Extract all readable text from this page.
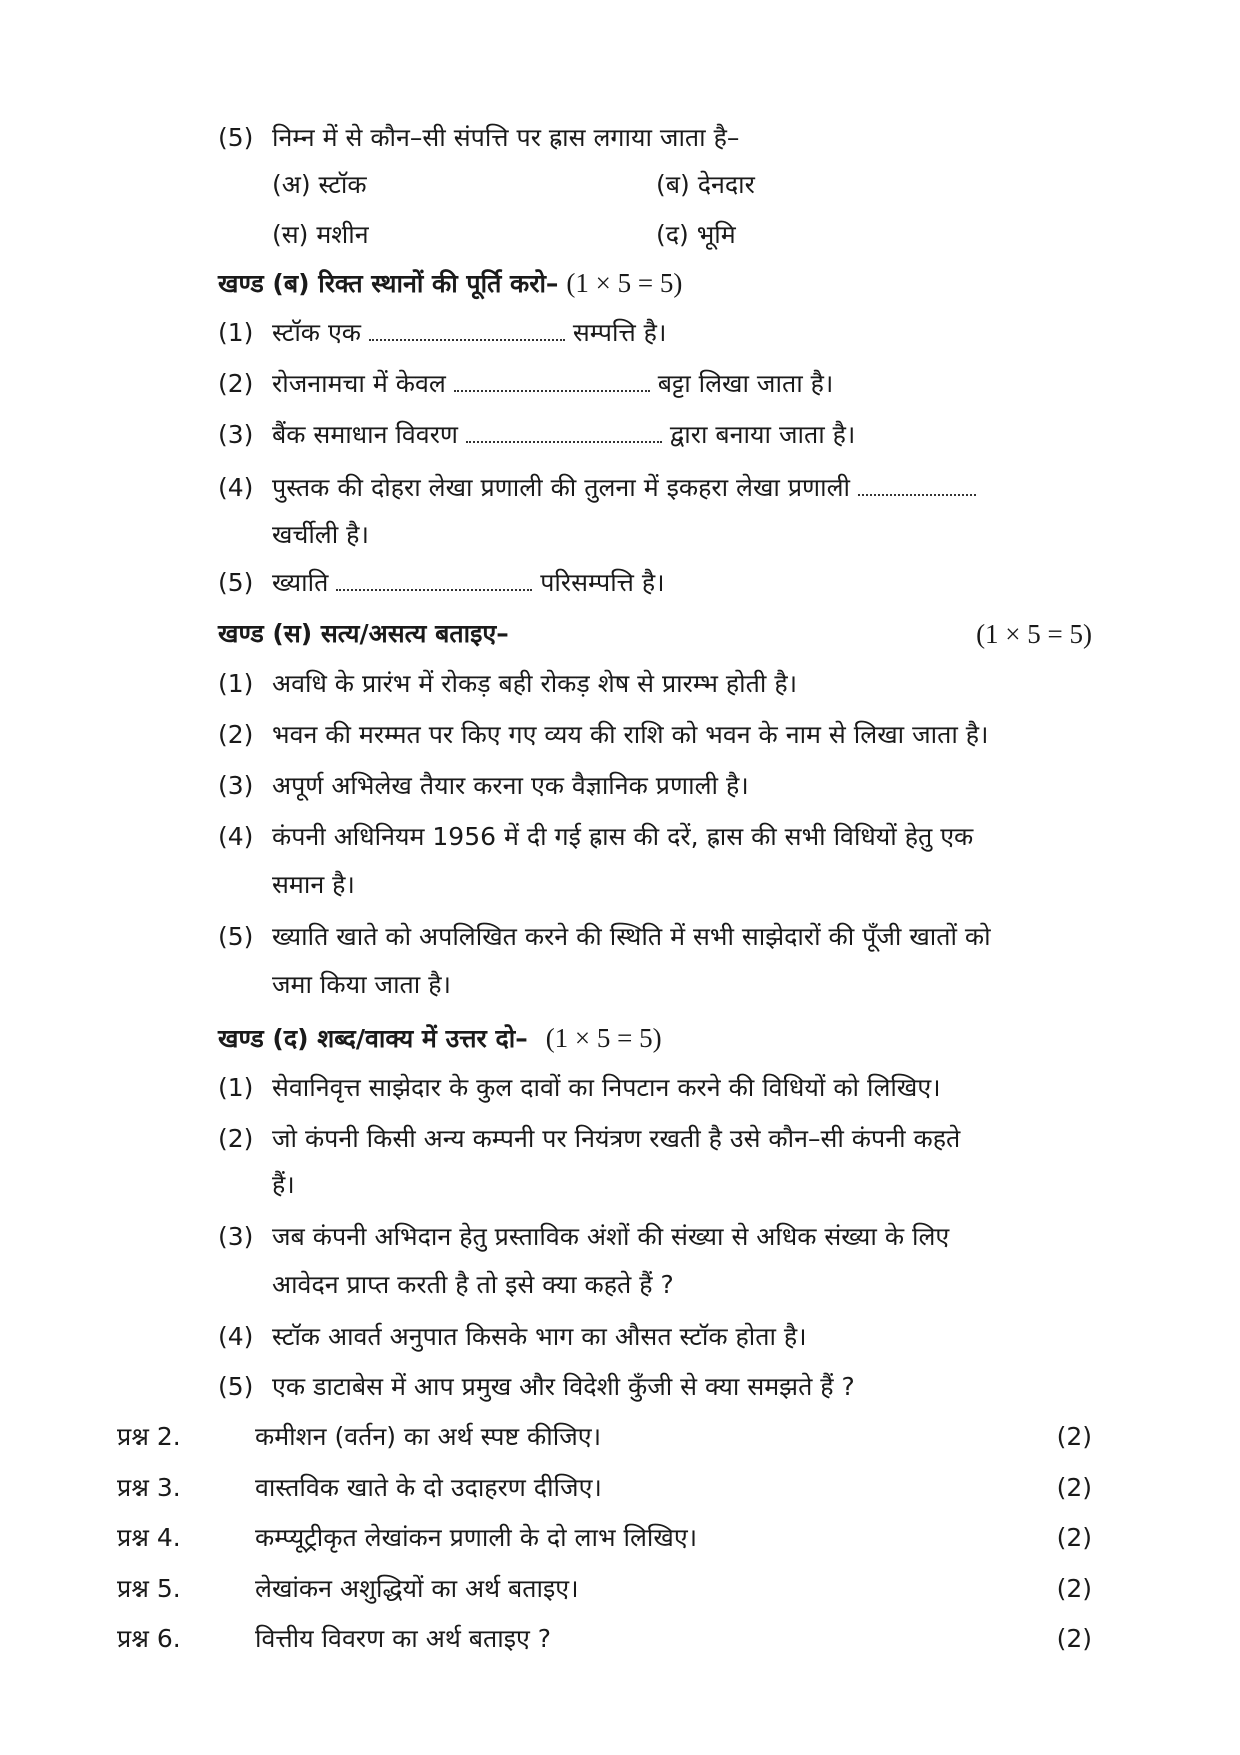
(5) निम्न में से कौन–सी संपत्ति पर ह्रास लगाया जाता है–
(अ) स्टॉक	(ब) देनदार
(स) मशीन	(द) भूमि
खण्ड (ब) रिक्त स्थानों की पूर्ति करो– (1 × 5 = 5)
(1) स्टॉक एक	सम्पत्ति है।
(2) रोजनामचा में केवल	बट्टा लिखा जाता है।
(3) बैंक समाधान विवरण	द्वारा बनाया जाता है।
(4) पुस्तक की दोहरा लेखा प्रणाली की तुलना में इकहरा लेखा प्रणाली
खर्चीली है।
(5) ख्याति	परिसम्पत्ति है।
खण्ड (स) सत्य/असत्य बताइए–	(1 × 5 = 5)
(1) अवधि के प्रारंभ में रोकड़ बही रोकड़ शेष से प्रारम्भ होती है।
(2) भवन की मरम्मत पर किए गए व्यय की राशि को भवन के नाम से लिखा जाता है।
(3) अपूर्ण अभिलेख तैयार करना एक वैज्ञानिक प्रणाली है।
(4) कंपनी अधिनियम 1956 में दी गई ह्रास की दरें, ह्रास की सभी विधियों हेतु एक
समान है।
(5) ख्याति खाते को अपलिखित करने की स्थिति में सभी साझेदारों की पूँजी खातों को
जमा किया जाता है।
खण्ड (द) शब्द/वाक्य में उत्तर दो– (1 × 5 = 5)
(1) सेवानिवृत्त साझेदार के कुल दावों का निपटान करने की विधियों को लिखिए।
(2) जो कंपनी किसी अन्य कम्पनी पर नियंत्रण रखती है उसे कौन–सी कंपनी कहते
हैं।
(3) जब कंपनी अभिदान हेतु प्रस्ताविक अंशों की संख्या से अधिक संख्या के लिए
आवेदन प्राप्त करती है तो इसे क्या कहते हैं ?
(4) स्टॉक आवर्त अनुपात किसके भाग का औसत स्टॉक होता है।
(5) एक डाटाबेस में आप प्रमुख और विदेशी कुँजी से क्या समझते हैं ?
प्रश्न 2.	कमीशन (वर्तन) का अर्थ स्पष्ट कीजिए।	(2)
प्रश्न 3.	वास्तविक खाते के दो उदाहरण दीजिए।	(2)
प्रश्न 4.	कम्प्यूट्रीकृत लेखांकन प्रणाली के दो लाभ लिखिए।	(2)
प्रश्न 5.	लेखांकन अशुद्धियों का अर्थ बताइए।	(2)
प्रश्न 6.	वित्तीय विवरण का अर्थ बताइए ?	(2)
